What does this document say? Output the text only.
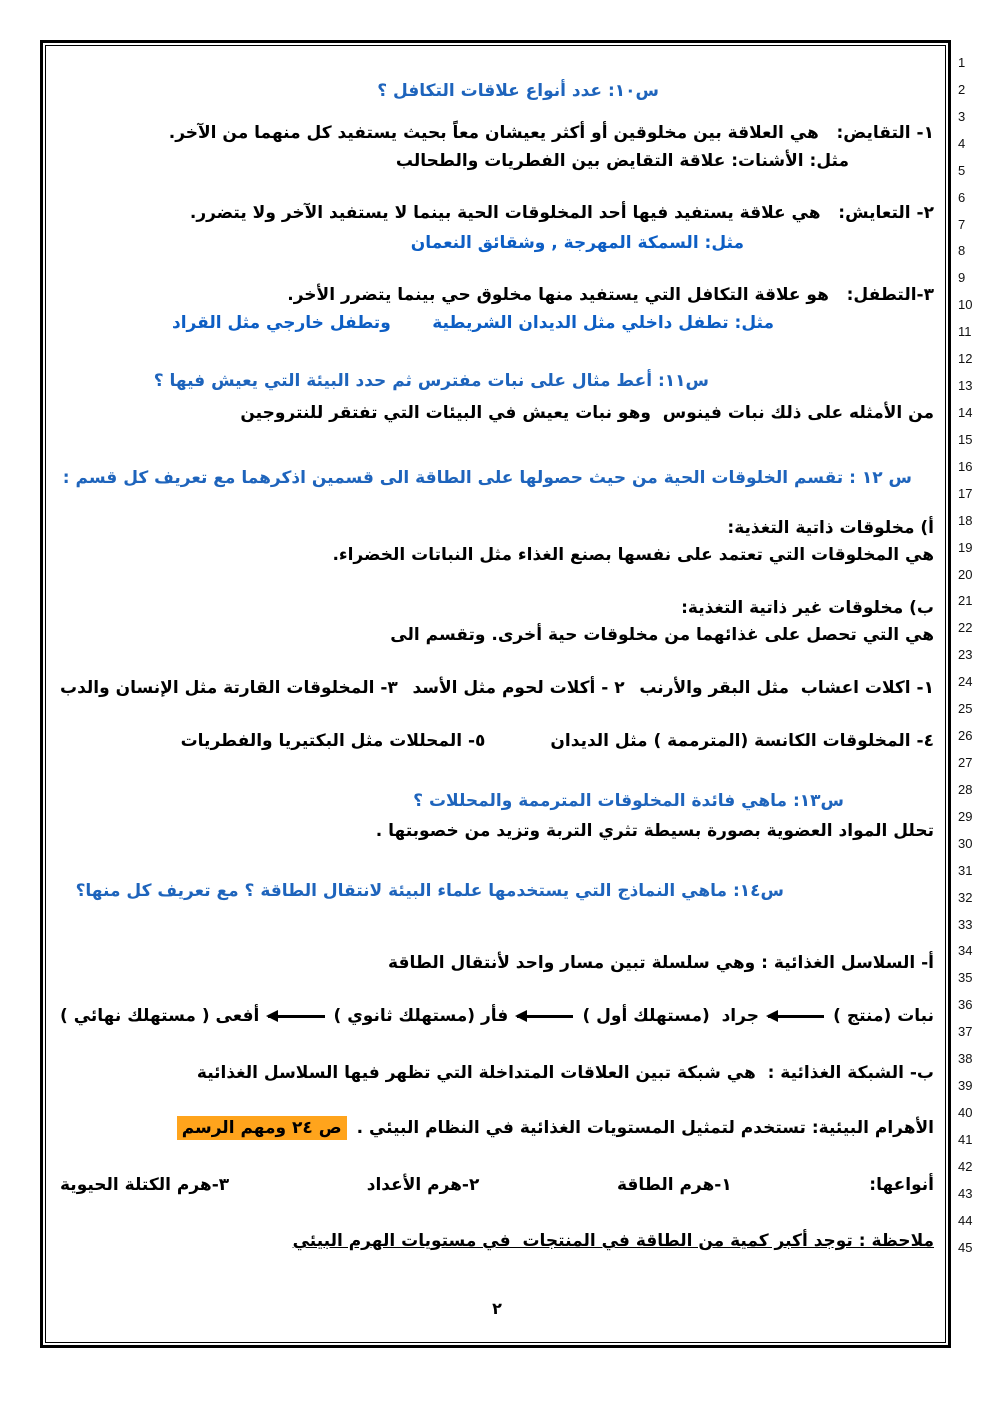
1
2
3
4
5
6
7
8
9
10
11
12
13
14
15
16
17
18
19
20
21
22
23
24
25
26
27
28
29
30
31
32
33
34
35
36
37
38
39
40
41
42
43
44
45
س١٠: عدد أنواع علاقات التكافل ؟
١- التقايض:   هي العلاقة بين مخلوقين أو أكثر يعيشان معاً بحيث يستفيد كل منهما من الآخر.
مثل: الأشنات: علاقة التقايض بين الفطريات والطحالب
٢- التعايش:   هي علاقة يستفيد فيها أحد المخلوقات الحية بينما لا يستفيد الآخر ولا يتضرر.
مثل: السمكة المهرجة , وشقائق النعمان
٣-التطفل:   هو علاقة التكافل التي يستفيد منها مخلوق حي بينما يتضرر الأخر.
مثل: تطفل داخلي مثل الديدان الشريطية       وتطفل خارجي مثل القراد
س١١: أعط مثال على نبات مفترس ثم حدد البيئة التي يعيش فيها ؟
من الأمثله على ذلك نبات فينوس  وهو نبات يعيش في البيئات التي تفتقر للنتروجين
س ١٢ : تقسم الخلوقات الحية من حيث حصولها على الطاقة الى قسمين اذكرهما مع تعريف كل قسم :
أ) مخلوقات ذاتية التغذية:
هي المخلوقات التي تعتمد على نفسها بصنع الغذاء مثل النباتات الخضراء.
ب) مخلوقات غير ذاتية التغذية:
هي التي تحصل على غذائهما من مخلوقات حية أخرى. وتقسم الى
١- اكلات اعشاب  مثل البقر والأرنب
٢ - أكلات لحوم مثل الأسد
٣- المخلوقات القارتة مثل الإنسان والدب
٤- المخلوقات الكانسة (المترممة ) مثل الديدان
٥- المحللات مثل البكتيريا والفطريات
س١٣: ماهي فائدة المخلوقات المترممة والمحللات ؟
تحلل المواد العضوية بصورة بسيطة تثري التربة وتزيد من خصوبتها .
س١٤: ماهي النماذج التي يستخدمها علماء البيئة لانتقال الطاقة ؟ مع تعريف كل منها؟
أ- السلاسل الغذائية : وهي سلسلة تبين مسار واحد لأنتقال الطاقة
نبات (منتج )
جراد  (مستهلك أول )
فأر (مستهلك ثانوي )
أفعى ( مستهلك نهائي )
ب- الشبكة الغذائية :  هي شبكة تبين العلاقات المتداخلة التي تظهر فيها السلاسل الغذائية
الأهرام البيئية: تستخدم لتمثيل المستويات الغذائية في النظام البيئي .ص ٢٤ ومهم الرسم
أنواعها:
١-هرم الطاقة
٢-هرم الأعداد
٣-هرم الكتلة الحيوية
ملاحظة : توجد أكبر كمية من الطاقة في المنتجات  في مستويات الهرم البيئي
٢
